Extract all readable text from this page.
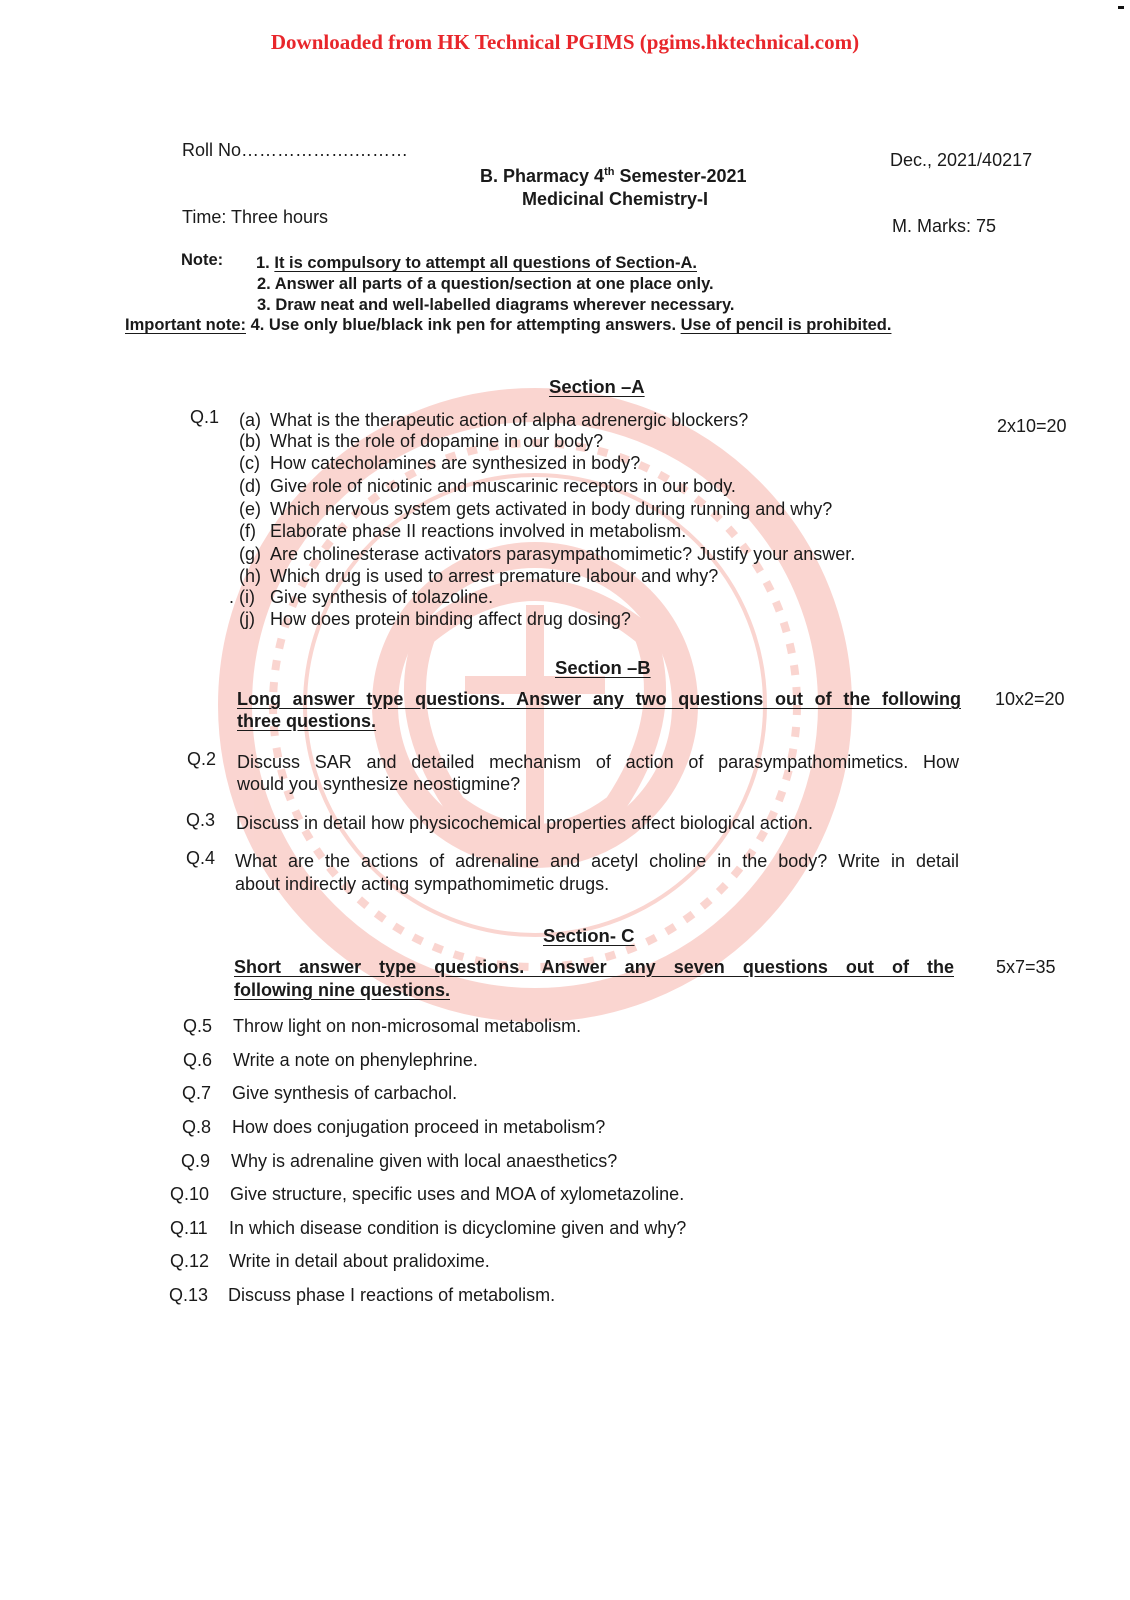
Downloaded from HK Technical PGIMS (pgims.hktechnical.com)
Roll No……………….………	Dec., 2021/40217
B. Pharmacy 4th Semester-2021
Medicinal Chemistry-I
Time: Three hours	M. Marks: 75
Note: 1. It is compulsory to attempt all questions of Section-A.
2. Answer all parts of a question/section at one place only.
3. Draw neat and well-labelled diagrams wherever necessary.
Important note: 4. Use only blue/black ink pen for attempting answers. Use of pencil is prohibited.
Section –A
Q.1	2x10=20
(a) What is the therapeutic action of alpha adrenergic blockers?
(b) What is the role of dopamine in our body?
(c) How catecholamines are synthesized in body?
(d) Give role of nicotinic and muscarinic receptors in our body.
(e) Which nervous system gets activated in body during running and why?
(f) Elaborate phase II reactions involved in metabolism.
(g) Are cholinesterase activators parasympathomimetic? Justify your answer.
(h) Which drug is used to arrest premature labour and why?
. (i) Give synthesis of tolazoline.
(j) How does protein binding affect drug dosing?
Section –B
Long answer type questions. Answer any two questions out of the following
three questions.
10x2=20
Q.2 Discuss SAR and detailed mechanism of action of parasympathomimetics. How
would you synthesize neostigmine?
Q.3 Discuss in detail how physicochemical properties affect biological action.
Q.4 What are the actions of adrenaline and acetyl choline in the body? Write in detail
about indirectly acting sympathomimetic drugs.
Section- C
Short answer type questions. Answer any seven questions out of the
following nine questions.
5x7=35
Q.5 Throw light on non-microsomal metabolism.
Q.6 Write a note on phenylephrine.
Q.7 Give synthesis of carbachol.
Q.8 How does conjugation proceed in metabolism?
Q.9 Why is adrenaline given with local anaesthetics?
Q.10 Give structure, specific uses and MOA of xylometazoline.
Q.11 In which disease condition is dicyclomine given and why?
Q.12 Write in detail about pralidoxime.
Q.13 Discuss phase I reactions of metabolism.
